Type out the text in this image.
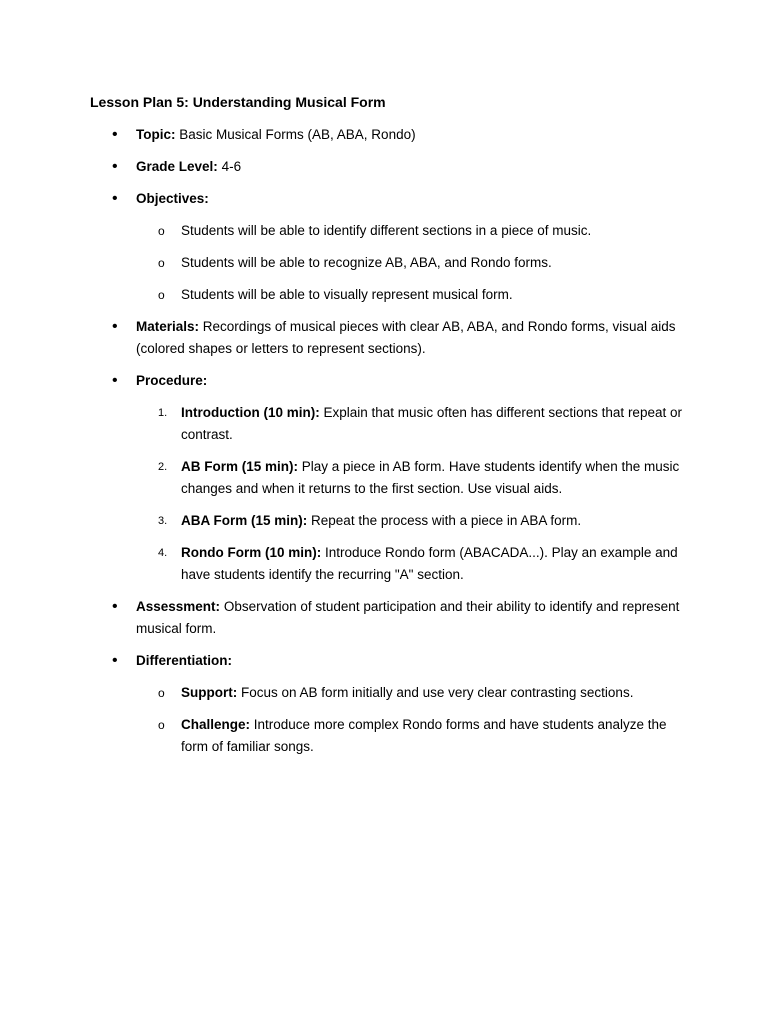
Lesson Plan 5: Understanding Musical Form
• Topic: Basic Musical Forms (AB, ABA, Rondo)
• Grade Level: 4-6
• Objectives:
o Students will be able to identify different sections in a piece of music.
o Students will be able to recognize AB, ABA, and Rondo forms.
o Students will be able to visually represent musical form.
• Materials: Recordings of musical pieces with clear AB, ABA, and Rondo forms, visual aids (colored shapes or letters to represent sections).
• Procedure:
1. Introduction (10 min): Explain that music often has different sections that repeat or contrast.
2. AB Form (15 min): Play a piece in AB form. Have students identify when the music changes and when it returns to the first section. Use visual aids.
3. ABA Form (15 min): Repeat the process with a piece in ABA form.
4. Rondo Form (10 min): Introduce Rondo form (ABACADA...). Play an example and have students identify the recurring "A" section.
• Assessment: Observation of student participation and their ability to identify and represent musical form.
• Differentiation:
o Support: Focus on AB form initially and use very clear contrasting sections.
o Challenge: Introduce more complex Rondo forms and have students analyze the form of familiar songs.
